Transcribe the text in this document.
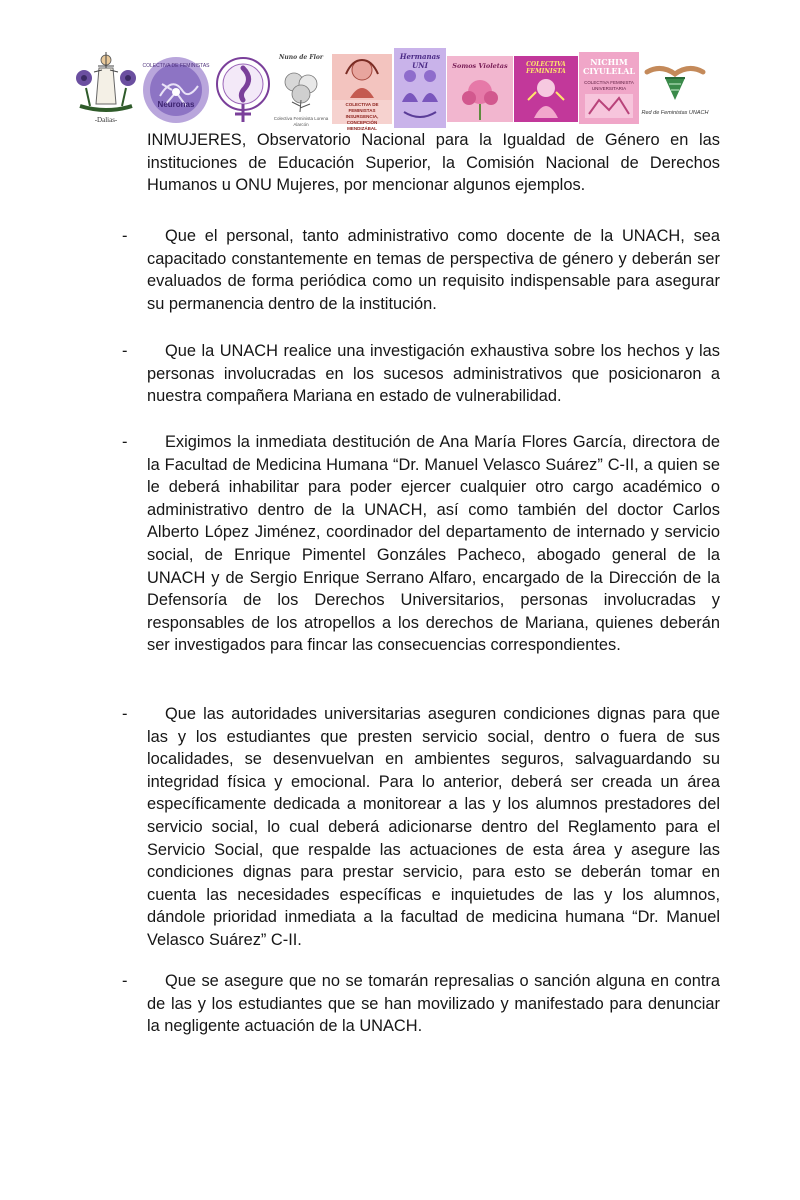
-Dalias-
COLECTIVA DE FEMINISTAS
Neuronas
Nuno de Flor
Colectiva Feminista Lorena Alarcón
COLECTIVA DE FEMINISTAS INSURGENCIA, CONCEPCIÓN MENDIZÁBAL
Hermanas UNI	Somos Violetas	COLECTIVA FEMINISTA
NICHIM CIYULELAL
COLECTIVA FEMINISTA UNIVERSITARIA
Red de Feministas UNACH
INMUJERES, Observatorio Nacional para la Igualdad de Género en las instituciones de Educación Superior, la Comisión Nacional de Derechos Humanos u ONU Mujeres, por mencionar algunos ejemplos.
-	Que el personal, tanto administrativo como docente de la UNACH, sea capacitado constantemente en temas de perspectiva de género y deberán ser evaluados de forma periódica como un requisito indispensable para asegurar su permanencia dentro de la institución.
-	Que la UNACH realice una investigación exhaustiva sobre los hechos y las personas involucradas en los sucesos administrativos que posicionaron a nuestra compañera Mariana en estado de vulnerabilidad.
-	Exigimos la inmediata destitución de Ana María Flores García, directora de la Facultad de Medicina Humana “Dr. Manuel Velasco Suárez” C-II, a quien se le deberá inhabilitar para poder ejercer cualquier otro cargo académico o administrativo dentro de la UNACH, así como también del doctor Carlos Alberto López Jiménez, coordinador del departamento de internado y servicio social, de Enrique Pimentel Gonzáles Pacheco, abogado general de la UNACH y de Sergio Enrique Serrano Alfaro, encargado de la Dirección de la Defensoría de los Derechos Universitarios, personas involucradas y responsables de los atropellos a los derechos de Mariana, quienes deberán ser investigados para fincar las consecuencias correspondientes.
-	Que las autoridades universitarias aseguren condiciones dignas para que las y los estudiantes que presten servicio social, dentro o fuera de sus localidades, se desenvuelvan en ambientes seguros, salvaguardando su integridad física y emocional. Para lo anterior, deberá ser creada un área específicamente dedicada a monitorear a las y los alumnos prestadores del servicio social, lo cual deberá adicionarse dentro del Reglamento para el Servicio Social, que respalde las actuaciones de esta área y asegure las condiciones dignas para prestar servicio, para esto se deberán tomar en cuenta las necesidades específicas e inquietudes de las y los alumnos, dándole prioridad inmediata a la facultad de medicina humana “Dr. Manuel Velasco Suárez” C-II.
-	Que se asegure que no se tomarán represalias o sanción alguna en contra de las y los estudiantes que se han movilizado y manifestado para denunciar la negligente actuación de la UNACH.
